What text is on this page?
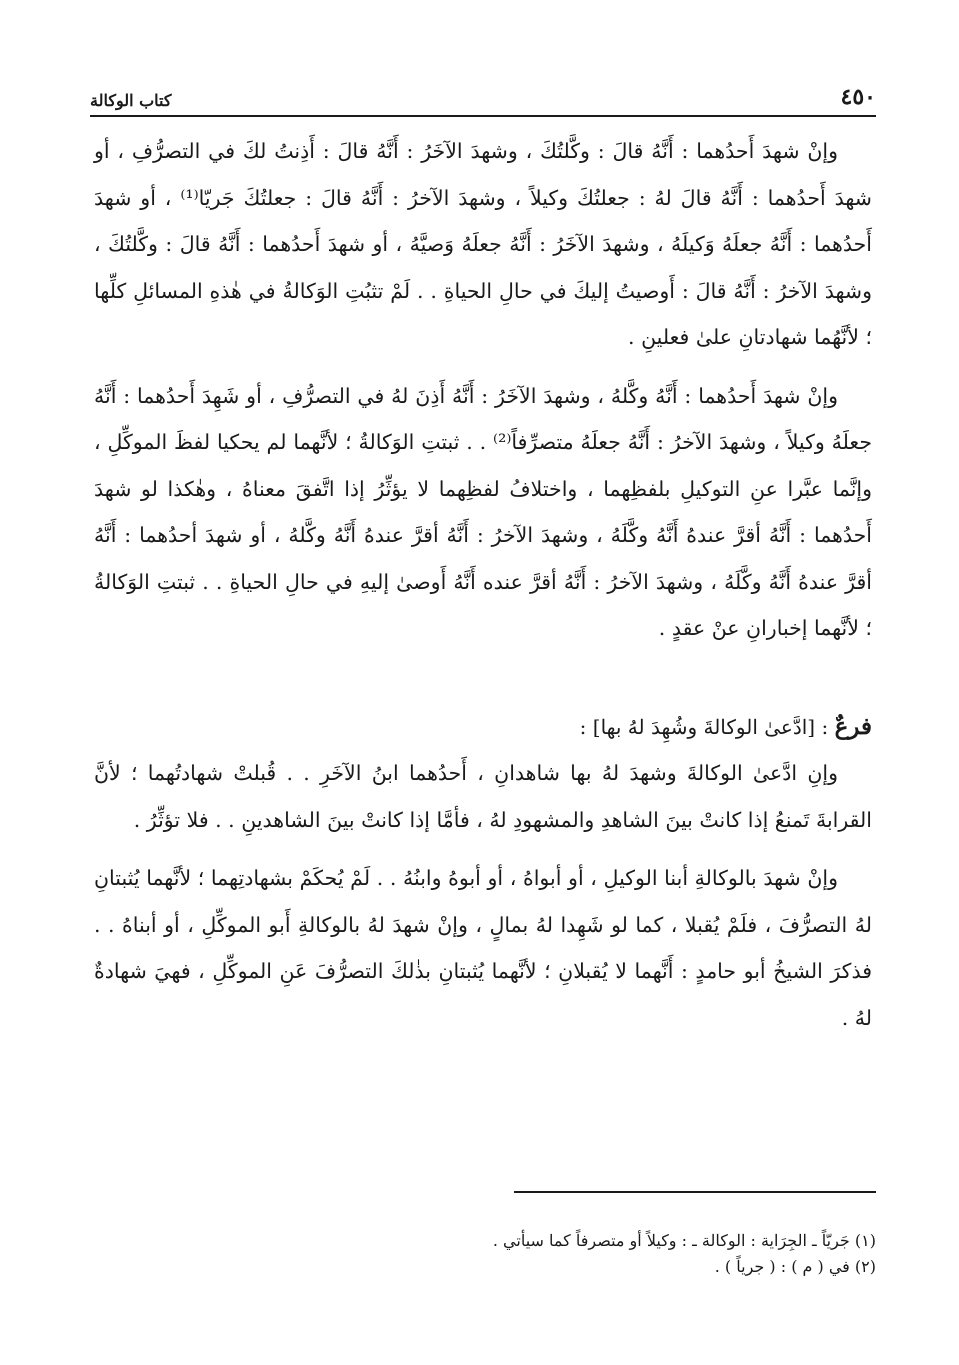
٤٥٠
كتاب الوكالة

وإنْ شهدَ أَحدُهما : أَنَّهُ قالَ : وكَّلتُكَ ، وشهدَ الآخَرُ : أَنَّهُ قالَ : أَذِنتُ لكَ في التصرُّفِ ، أو شهدَ أَحدُهما : أَنَّهُ قالَ لهُ : جعلتُكَ وكيلاً ، وشهدَ الآخرُ : أَنَّهُ قالَ : جعلتُكَ جَريّا⁽¹⁾ ، أو شهدَ أَحدُهما : أَنَّهُ جعلَهُ وَكيلَهُ ، وشهدَ الآخَرُ : أَنَّهُ جعلَهُ وَصيَّهُ ، أو شهدَ أَحدُهما : أَنَّهُ قالَ : وكَّلتُكَ ، وشهدَ الآخرُ : أَنَّهُ قالَ : أَوصيتُ إليكَ في حالِ الحياةِ . . لَمْ تثبُتِ الوَكالةُ في هٰذهِ المسائلِ كلِّها ؛ لأنَّهُما شهادتانِ علىٰ فعلينِ .

وإنْ شهدَ أَحدُهما : أَنَّهُ وكَّلهُ ، وشهدَ الآخَرُ : أَنَّهُ أَذِنَ لهُ في التصرُّفِ ، أو شَهِدَ أَحدُهما : أَنَّهُ جعلَهُ وكيلاً ، وشهدَ الآخرُ : أَنَّهُ جعلَهُ متصرِّفاً⁽²⁾ . . ثبتتِ الوَكالةُ ؛ لأنَّهما لم يحكيا لفظَ الموكِّلِ ، وإنَّما عبَّرا عنِ التوكيلِ بلفظِهما ، واختلافُ لفظِهما لا يؤثِّرُ إذا اتَّفقَ معناهُ ، وهٰكذا لو شهدَ أَحدُهما : أَنَّهُ أقرَّ عندهُ أَنَّهُ وكَّلَهُ ، وشهدَ الآخرُ : أَنَّهُ أقرَّ عندهُ أَنَّهُ وكَّلهُ ، أو شهدَ أحدُهما : أَنَّهُ أقرَّ عندهُ أَنَّهُ وكَّلَهُ ، وشهدَ الآخرُ : أَنَّهُ أقرَّ عنده أَنَّهُ أَوصىٰ إليهِ في حالِ الحياةِ . . ثبتتِ الوَكالةُ ؛ لأنَّهما إخبارانِ عنْ عقدٍ .

فرعٌ : [ادَّعىٰ الوكالةَ وشُهِدَ لهُ بها] :

وإنِ ادَّعىٰ الوكالةَ وشهدَ لهُ بها شاهدانِ ، أَحدُهما ابنُ الآخَرِ . . قُبلتْ شهادتُهما ؛ لأنَّ القرابةَ تَمنعُ إذا كانتْ بينَ الشاهدِ والمشهودِ لهُ ، فأمَّا إذا كانتْ بينَ الشاهدينِ . . فلا تؤثِّرُ .

وإنْ شهدَ بالوكالةِ أبنا الوكيلِ ، أو أبواهُ ، أو أبوهُ وابنُهُ . . لَمْ يُحكَمْ بشهادتِهما ؛ لأنَّهما يُثبتانِ لهُ التصرُّفَ ، فلَمْ يُقبلا ، كما لو شَهِدا لهُ بمالٍ ، وإنْ شهدَ لهُ بالوكالةِ أَبو الموكِّلِ ، أو أبناهُ . . فذكرَ الشيخُ أبو حامدٍ : أَنَّهما لا يُقبلانِ ؛ لأنَّهما يُثبتانِ بذٰلكَ التصرُّفَ عَنِ الموكِّلِ ، فهيَ شهادةٌ لهُ .

(١) جَريّاً ـ الجِرَاية : الوكالة ـ : وكيلاً أو متصرفاً كما سيأتي .

(٢) في ( م ) : ( جرياً ) .
